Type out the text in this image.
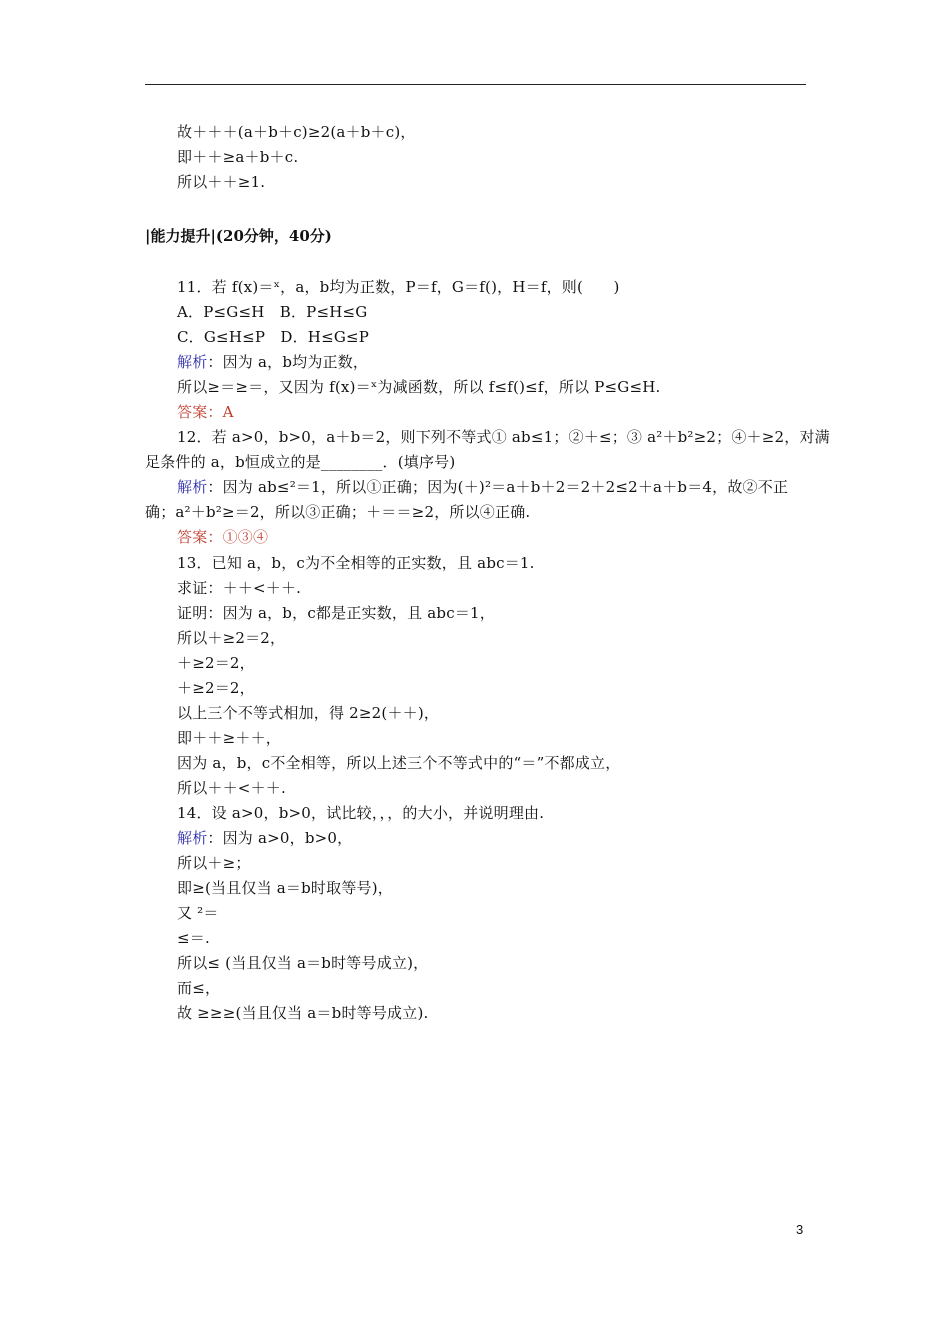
故＋＋＋(a＋b＋c)≥2(a＋b＋c)，
即＋＋≥a＋b＋c.
所以＋＋≥1.
|能力提升|(20分钟，40分)
11．若 f(x)＝ˣ，a，b均为正数，P＝f，G＝f()，H＝f，则(　　)
A．P≤G≤H　B．P≤H≤G
C．G≤H≤P　D．H≤G≤P
解析：因为 a，b均为正数，
所以≥＝≥＝，又因为 f(x)＝ˣ为减函数，所以 f≤f()≤f，所以 P≤G≤H.
答案：A
12．若 a>0，b>0，a＋b＝2，则下列不等式① ab≤1；②＋≤；③ a²＋b²≥2；④＋≥2，对满
足条件的 a，b恒成立的是________．(填序号)
解析：因为 ab≤²＝1，所以①正确；因为(＋)²＝a＋b＋2＝2＋2≤2＋a＋b＝4，故②不正
确；a²＋b²≥＝2，所以③正确；＋＝＝≥2，所以④正确.
答案：①③④
13．已知 a，b，c为不全相等的正实数，且 abc＝1.
求证：＋＋<＋＋.
证明：因为 a，b，c都是正实数，且 abc＝1，
所以＋≥2＝2，
＋≥2＝2，
＋≥2＝2，
以上三个不等式相加，得 2≥2(＋＋)，
即＋＋≥＋＋，
因为 a，b，c不全相等，所以上述三个不等式中的“＝”不都成立，
所以＋＋<＋＋.
14．设 a>0，b>0，试比较，，，的大小，并说明理由.
解析：因为 a>0，b>0，
所以＋≥；
即≥(当且仅当 a＝b时取等号)，
又 ²＝
≤＝.
所以≤ (当且仅当 a＝b时等号成立)，
而≤，
故 ≥≥≥(当且仅当 a＝b时等号成立).
3
